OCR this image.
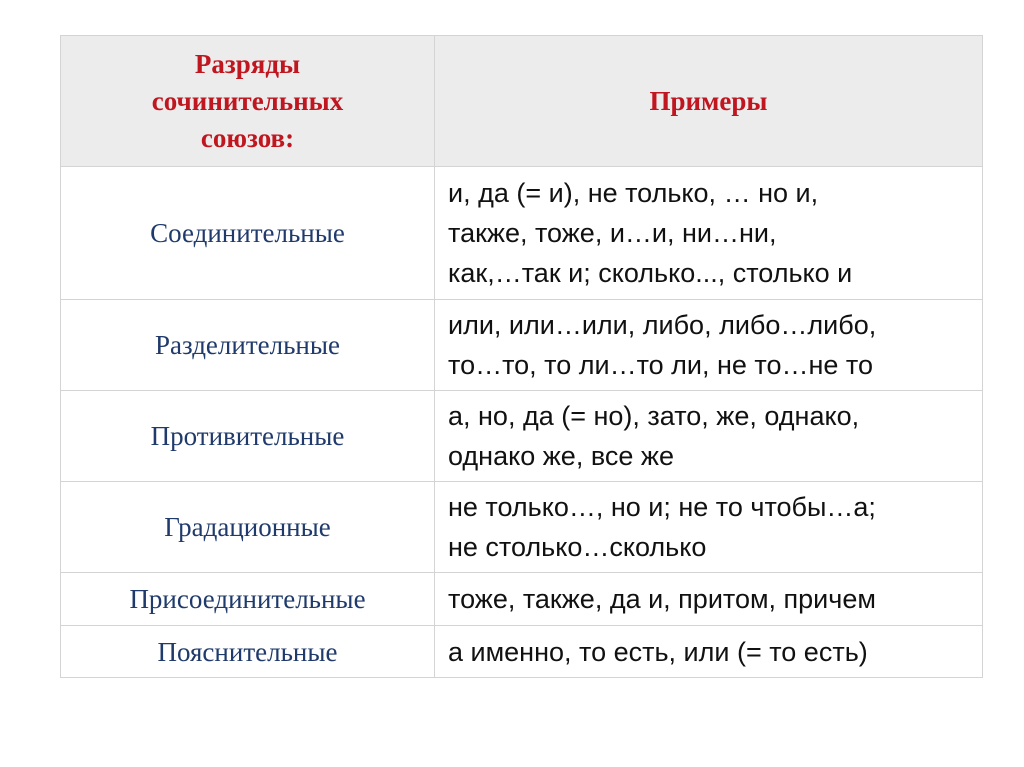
Разряды
сочинительных
союзов:	Примеры
Соединительные	и, да (= и), не только, … но и,
также, тоже, и…и, ни…ни,
как,…так и; сколько..., столько и
Разделительные	или, или…или, либо, либо…либо,
то…то, то ли…то ли, не то…не то
Противительные	а, но, да (= но), зато, же, однако,
однако же, все же
Градационные	не только…, но и; не то чтобы…а;
не столько…сколько
Присоединительные	тоже, также, да и, притом, причем
Пояснительные	а именно, то есть, или (= то есть)
